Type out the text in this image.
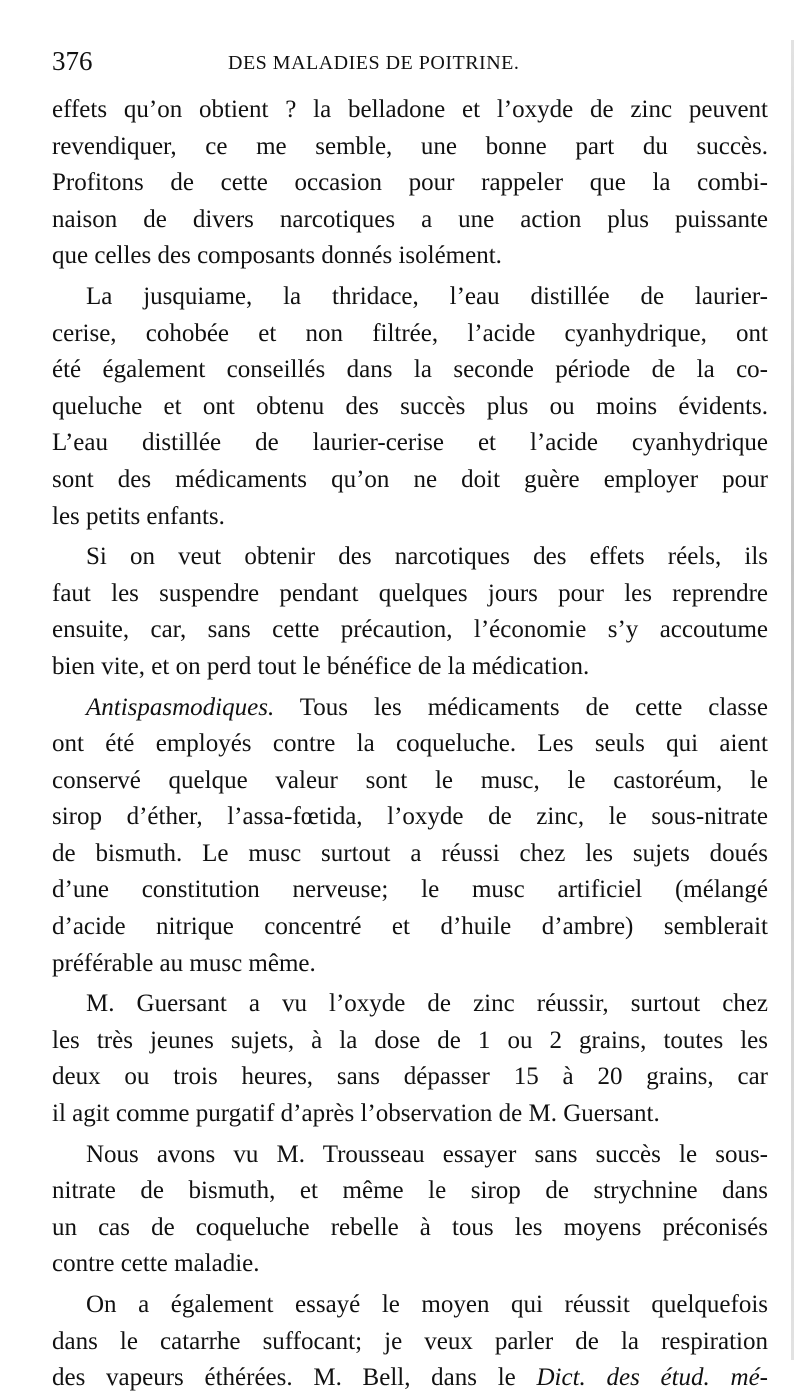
376	DES MALADIES DE POITRINE.
effets qu’on obtient ? la belladone et l’oxyde de zinc peuvent
revendiquer, ce me semble, une bonne part du succès.
Profitons de cette occasion pour rappeler que la combi-
naison de divers narcotiques a une action plus puissante
que celles des composants donnés isolément.
La jusquiame, la thridace, l’eau distillée de laurier-
cerise, cohobée et non filtrée, l’acide cyanhydrique, ont
été également conseillés dans la seconde période de la co-
queluche et ont obtenu des succès plus ou moins évidents.
L’eau distillée de laurier-cerise et l’acide cyanhydrique
sont des médicaments qu’on ne doit guère employer pour
les petits enfants.
Si on veut obtenir des narcotiques des effets réels, ils
faut les suspendre pendant quelques jours pour les reprendre
ensuite, car, sans cette précaution, l’économie s’y accoutume
bien vite, et on perd tout le bénéfice de la médication.
Antispasmodiques. Tous les médicaments de cette classe
ont été employés contre la coqueluche. Les seuls qui aient
conservé quelque valeur sont le musc, le castoréum, le
sirop d’éther, l’assa-fœtida, l’oxyde de zinc, le sous-nitrate
de bismuth. Le musc surtout a réussi chez les sujets doués
d’une constitution nerveuse; le musc artificiel (mélangé
d’acide nitrique concentré et d’huile d’ambre) semblerait
préférable au musc même.
M. Guersant a vu l’oxyde de zinc réussir, surtout chez
les très jeunes sujets, à la dose de 1 ou 2 grains, toutes les
deux ou trois heures, sans dépasser 15 à 20 grains, car
il agit comme purgatif d’après l’observation de M. Guersant.
Nous avons vu M. Trousseau essayer sans succès le sous-
nitrate de bismuth, et même le sirop de strychnine dans
un cas de coqueluche rebelle à tous les moyens préconisés
contre cette maladie.
On a également essayé le moyen qui réussit quelquefois
dans le catarrhe suffocant; je veux parler de la respiration
des vapeurs éthérées. M. Bell, dans le Dict. des étud. mé-
